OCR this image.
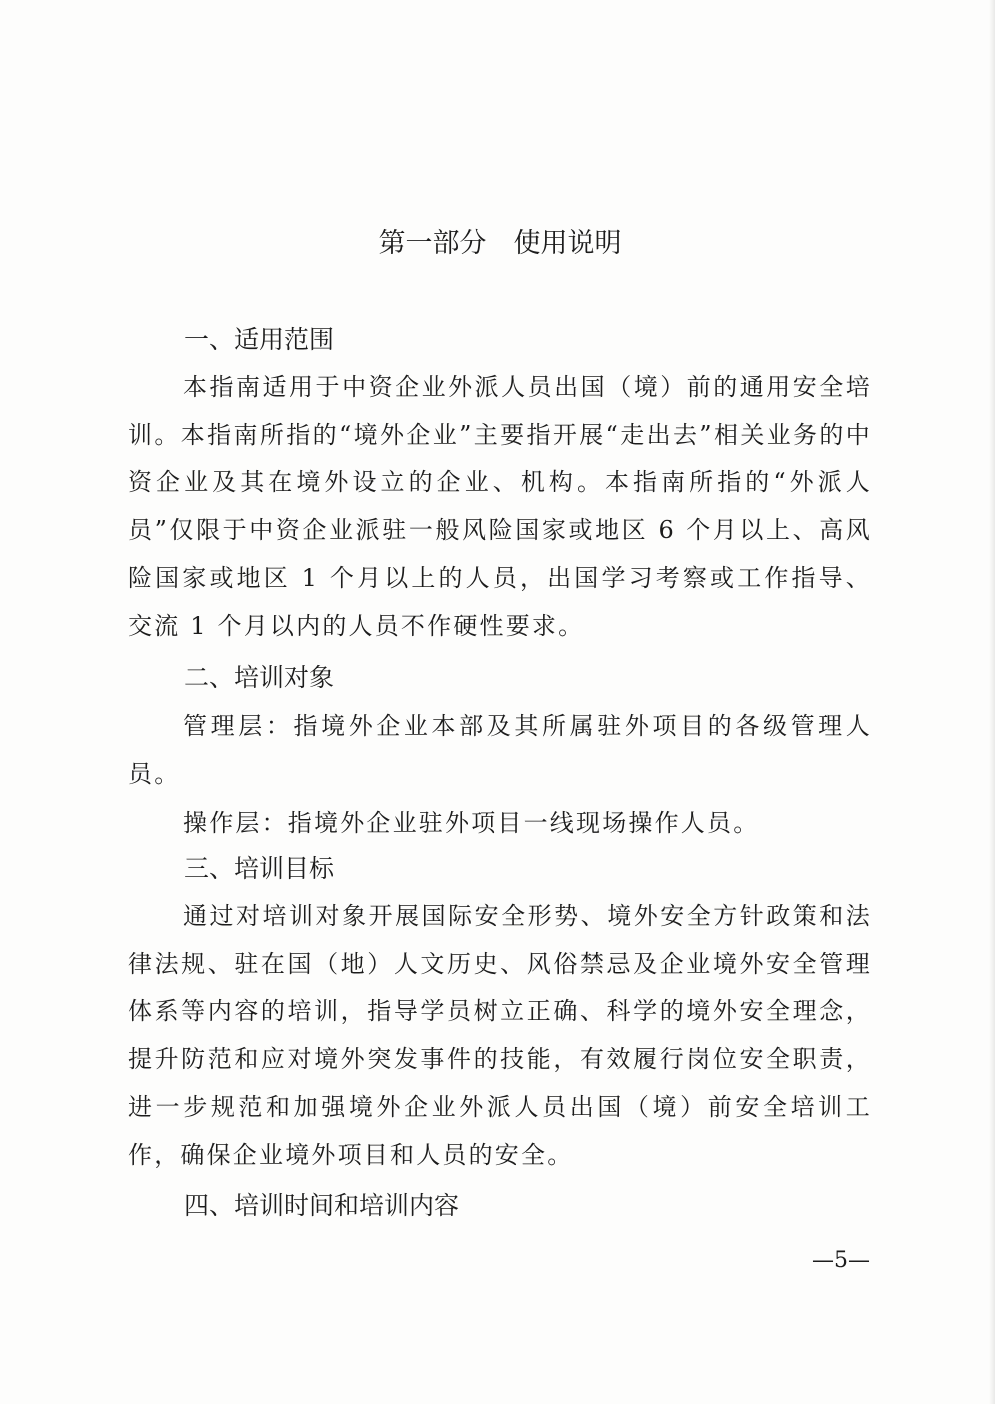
第一部分　使用说明
一、适用范围

本指南适用于中资企业外派人员出国（境）前的通用安全培训。本指南所指的“境外企业”主要指开展“走出去”相关业务的中资企业及其在境外设立的企业、机构。本指南所指的“外派人员”仅限于中资企业派驻一般风险国家或地区 6 个月以上、高风险国家或地区 1 个月以上的人员，出国学习考察或工作指导、交流 1 个月以内的人员不作硬性要求。

二、培训对象

管理层：指境外企业本部及其所属驻外项目的各级管理人员。

操作层：指境外企业驻外项目一线现场操作人员。

三、培训目标

通过对培训对象开展国际安全形势、境外安全方针政策和法律法规、驻在国（地）人文历史、风俗禁忌及企业境外安全管理体系等内容的培训，指导学员树立正确、科学的境外安全理念，提升防范和应对境外突发事件的技能，有效履行岗位安全职责，进一步规范和加强境外企业外派人员出国（境）前安全培训工作，确保企业境外项目和人员的安全。

四、培训时间和培训内容
—5—
